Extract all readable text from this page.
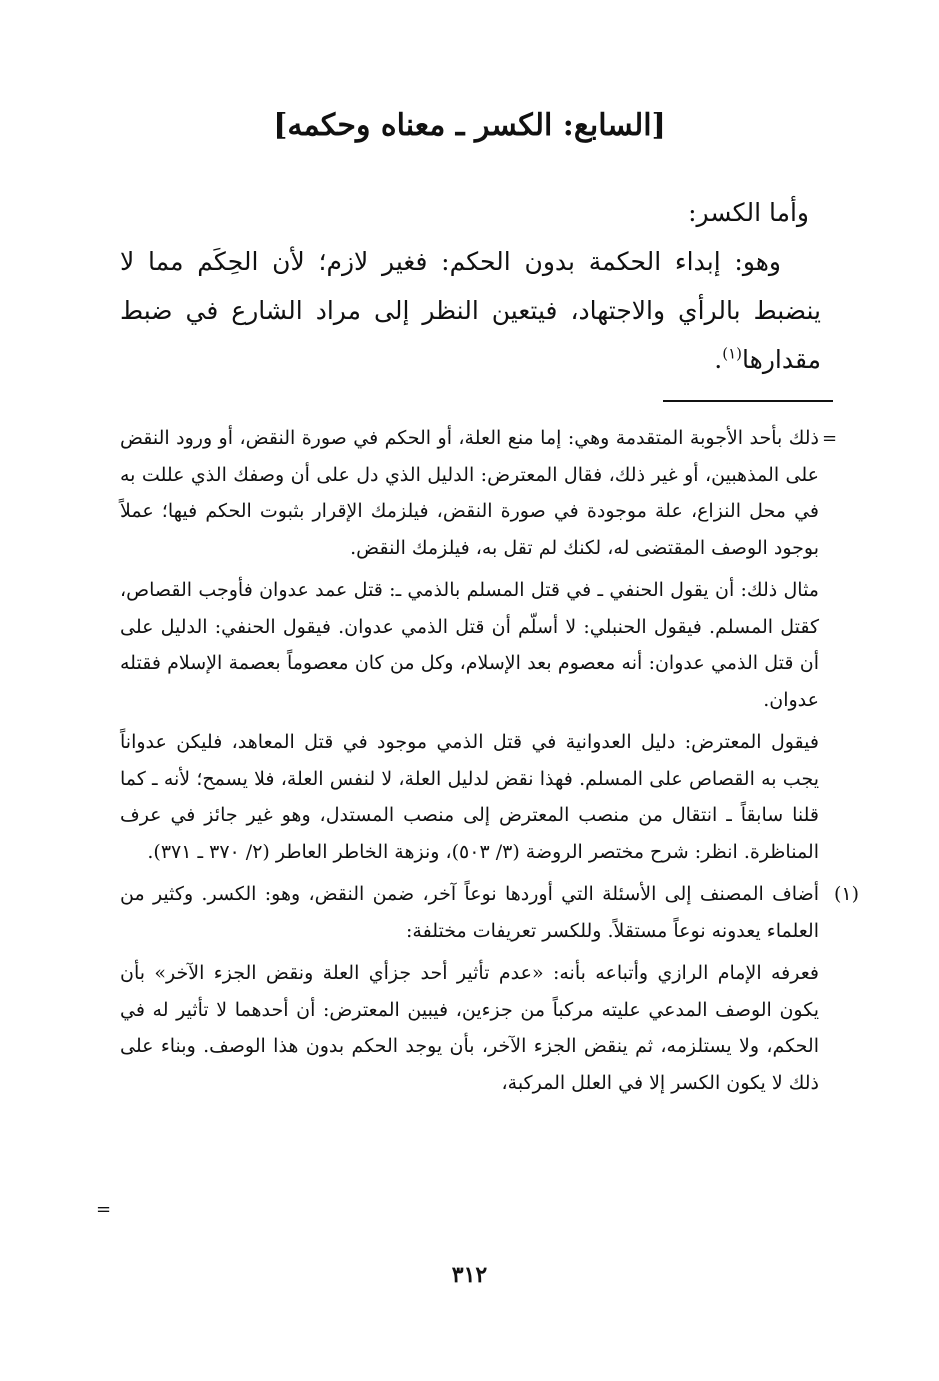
[السابع: الكسر ـ معناه وحكمه]

وأما الكسر:

وهو: إبداء الحكمة بدون الحكم: فغير لازم؛ لأن الحِكَم مما لا ينضبط بالرأي والاجتهاد، فيتعين النظر إلى مراد الشارع في ضبط مقدارها$^{(١)}$.

=

ذلك بأحد الأجوبة المتقدمة وهي: إما منع العلة، أو الحكم في صورة النقض، أو ورود النقض على المذهبين، أو غير ذلك، فقال المعترض: الدليل الذي دل على أن وصفك الذي عللت به في محل النزاع، علة موجودة في صورة النقض، فيلزمك الإقرار بثبوت الحكم فيها؛ عملاً بوجود الوصف المقتضى له، لكنك لم تقل به، فيلزمك النقض.

مثال ذلك: أن يقول الحنفي ـ في قتل المسلم بالذمي ـ: قتل عمد عدوان فأوجب القصاص، كقتل المسلم. فيقول الحنبلي: لا أسلّم أن قتل الذمي عدوان. فيقول الحنفي: الدليل على أن قتل الذمي عدوان: أنه معصوم بعد الإسلام، وكل من كان معصوماً بعصمة الإسلام فقتله عدوان.

فيقول المعترض: دليل العدوانية في قتل الذمي موجود في قتل المعاهد، فليكن عدواناً يجب به القصاص على المسلم. فهذا نقض لدليل العلة، لا لنفس العلة، فلا يسمح؛ لأنه ـ كما قلنا سابقاً ـ انتقال من منصب المعترض إلى منصب المستدل، وهو غير جائز في عرف المناظرة. انظر: شرح مختصر الروضة (٣/ ٥٠٣)، ونزهة الخاطر العاطر (٢/ ٣٧٠ ـ ٣٧١).

(١)
أضاف المصنف إلى الأسئلة التي أوردها نوعاً آخر، ضمن النقض، وهو: الكسر. وكثير من العلماء يعدونه نوعاً مستقلاً. وللكسر تعريفات مختلفة:

فعرفه الإمام الرازي وأتباعه بأنه: «عدم تأثير أحد جزأي العلة ونقض الجزء الآخر» بأن يكون الوصف المدعي عليته مركباً من جزءين، فيبين المعترض: أن أحدهما لا تأثير له في الحكم، ولا يستلزمه، ثم ينقض الجزء الآخر، بأن يوجد الحكم بدون هذا الوصف. وبناء على ذلك لا يكون الكسر إلا في العلل المركبة،

=
٣١٢
